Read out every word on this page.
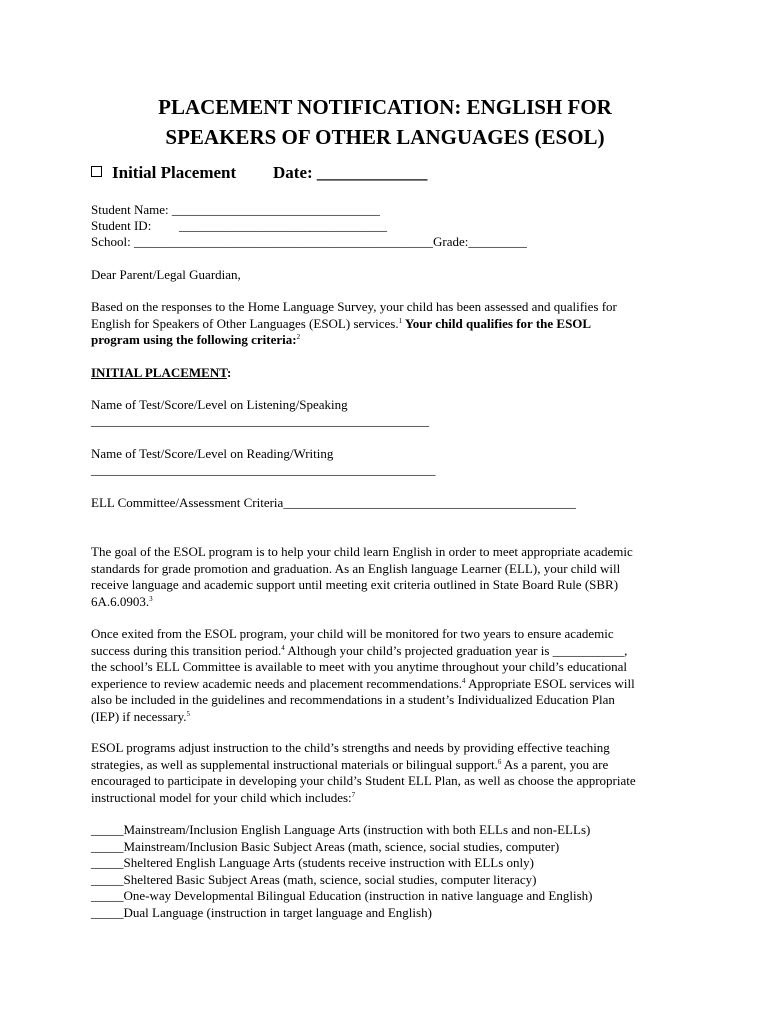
PLACEMENT NOTIFICATION: ENGLISH FOR
SPEAKERS OF OTHER LANGUAGES (ESOL)
Initial Placement Date: _____________
Student Name: ________________________________
Student ID: ________________________________
School: ______________________________________________Grade:_________
Dear Parent/Legal Guardian,
Based on the responses to the Home Language Survey, your child has been assessed and qualifies for
English for Speakers of Other Languages (ESOL) services.$^1$ Your child qualifies for the ESOL
program using the following criteria:$^2$
INITIAL PLACEMENT:
Name of Test/Score/Level on Listening/Speaking
____________________________________________________
Name of Test/Score/Level on Reading/Writing
_____________________________________________________
ELL Committee/Assessment Criteria_____________________________________________
The goal of the ESOL program is to help your child learn English in order to meet appropriate academic
standards for grade promotion and graduation. As an English language Learner (ELL), your child will
receive language and academic support until meeting exit criteria outlined in State Board Rule (SBR)
6A.6.0903.$^3$
Once exited from the ESOL program, your child will be monitored for two years to ensure academic
success during this transition period.$^4$ Although your child’s projected graduation year is ___________,
the school’s ELL Committee is available to meet with you anytime throughout your child’s educational
experience to review academic needs and placement recommendations.$^4$ Appropriate ESOL services will
also be included in the guidelines and recommendations in a student’s Individualized Education Plan
(IEP) if necessary.$^5$
ESOL programs adjust instruction to the child’s strengths and needs by providing effective teaching
strategies, as well as supplemental instructional materials or bilingual support.$^6$ As a parent, you are
encouraged to participate in developing your child’s Student ELL Plan, as well as choose the appropriate
instructional model for your child which includes:$^7$
_____Mainstream/Inclusion English Language Arts (instruction with both ELLs and non-ELLs)
_____Mainstream/Inclusion Basic Subject Areas (math, science, social studies, computer)
_____Sheltered English Language Arts (students receive instruction with ELLs only)
_____Sheltered Basic Subject Areas (math, science, social studies, computer literacy)
_____One-way Developmental Bilingual Education (instruction in native language and English)
_____Dual Language (instruction in target language and English)
